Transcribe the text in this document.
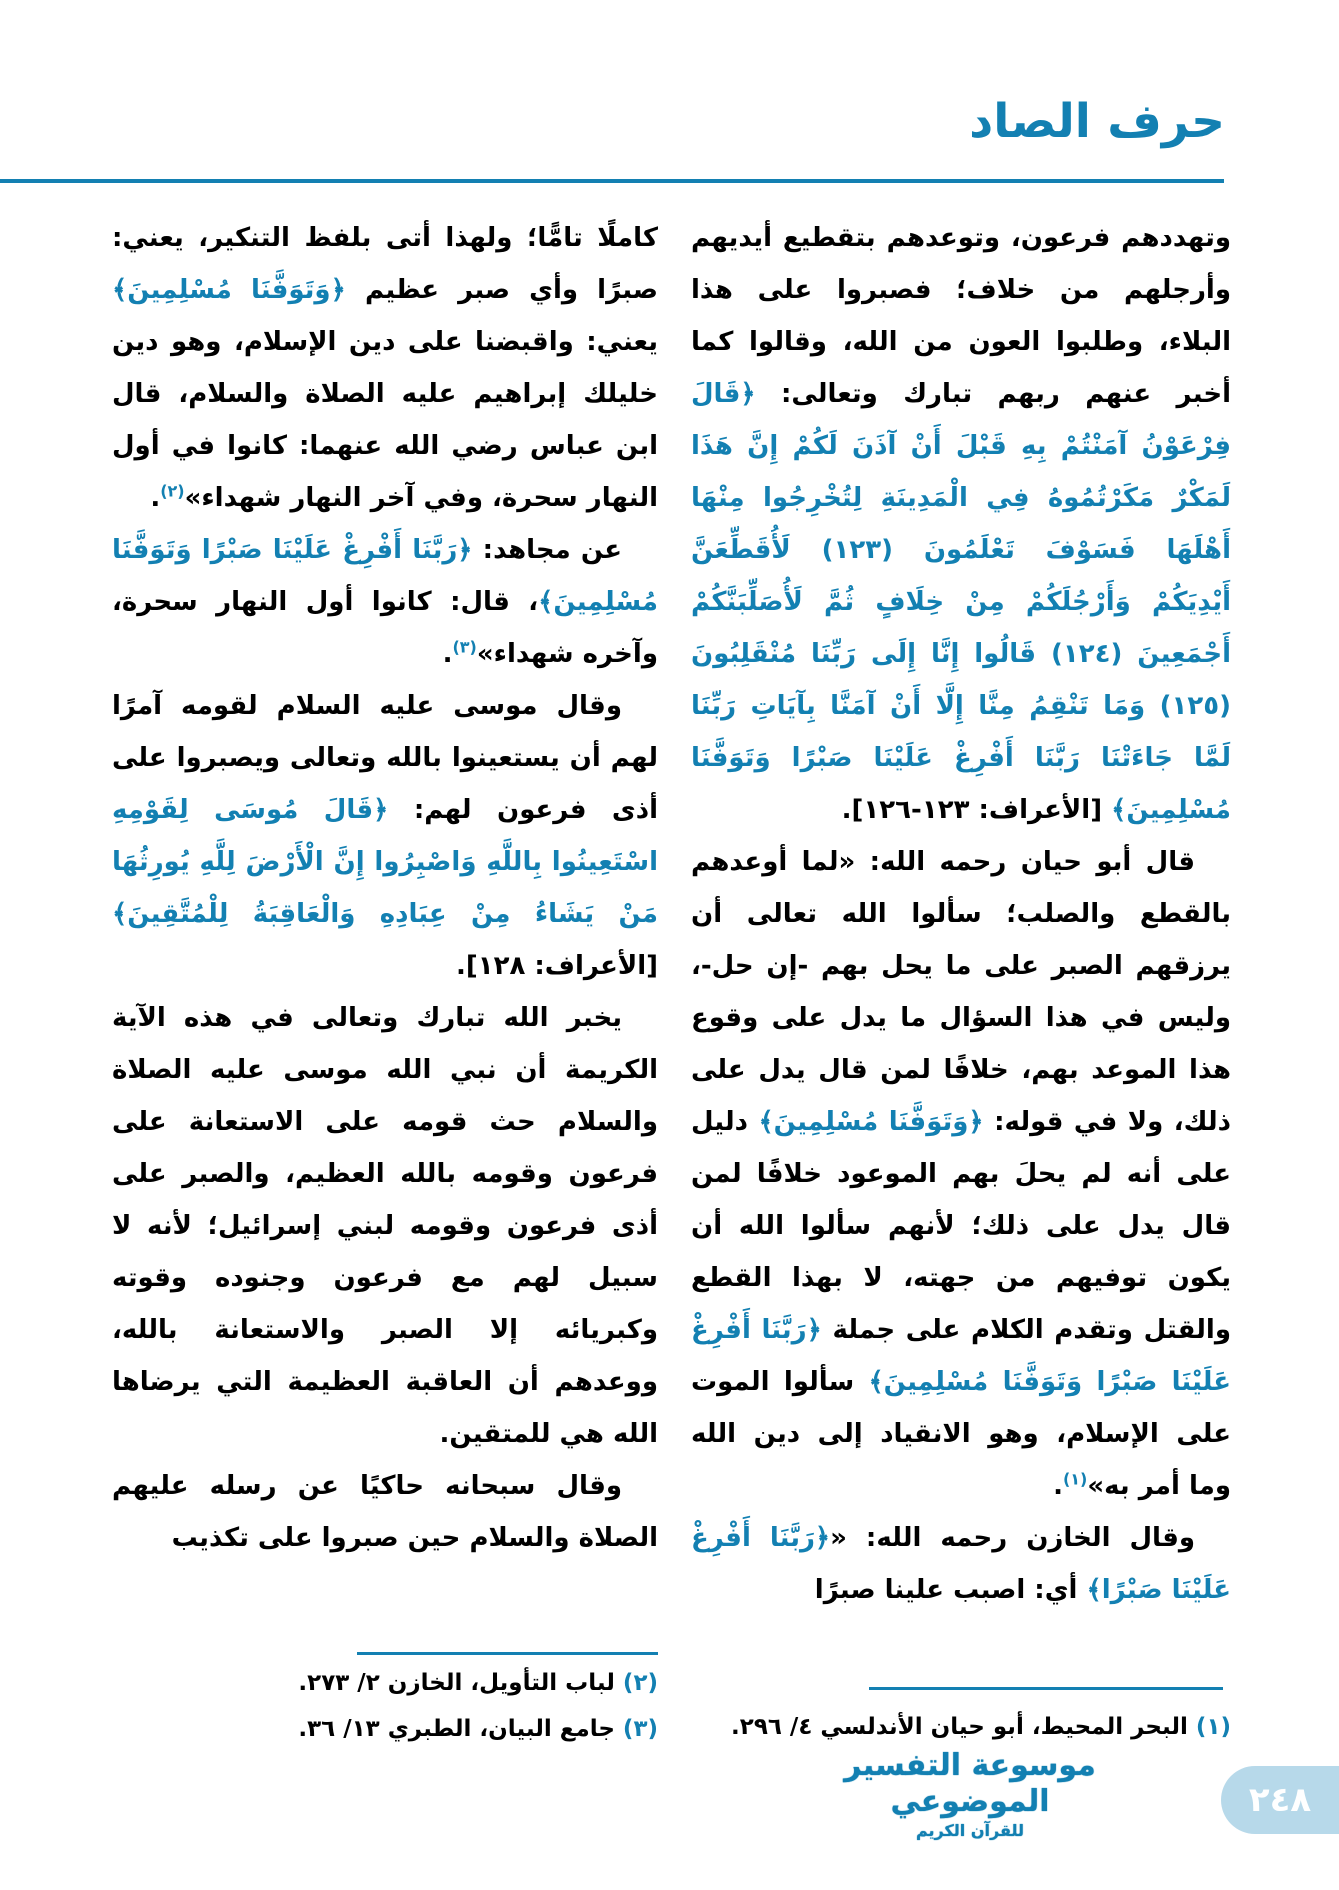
حرف الصاد

وتهددهم فرعون، وتوعدهم بتقطيع أيديهم وأرجلهم من خلاف؛ فصبروا على هذا البلاء، وطلبوا العون من الله، وقالوا كما أخبر عنهم ربهم تبارك وتعالى: ﴿قَالَ فِرْعَوْنُ آمَنْتُمْ بِهِ قَبْلَ أَنْ آذَنَ لَكُمْ إِنَّ هَذَا لَمَكْرٌ مَكَرْتُمُوهُ فِي الْمَدِينَةِ لِتُخْرِجُوا مِنْهَا أَهْلَهَا فَسَوْفَ تَعْلَمُونَ (١٢٣) لَأُقَطِّعَنَّ أَيْدِيَكُمْ وَأَرْجُلَكُمْ مِنْ خِلَافٍ ثُمَّ لَأُصَلِّبَنَّكُمْ أَجْمَعِينَ (١٢٤) قَالُوا إِنَّا إِلَى رَبِّنَا مُنْقَلِبُونَ (١٢٥) وَمَا تَنْقِمُ مِنَّا إِلَّا أَنْ آمَنَّا بِآيَاتِ رَبِّنَا لَمَّا جَاءَتْنَا رَبَّنَا أَفْرِغْ عَلَيْنَا صَبْرًا وَتَوَفَّنَا مُسْلِمِينَ﴾ [الأعراف: ١٢٣-١٢٦].

قال أبو حيان رحمه الله: «لما أوعدهم بالقطع والصلب؛ سألوا الله تعالى أن يرزقهم الصبر على ما يحل بهم -إن حل-، وليس في هذا السؤال ما يدل على وقوع هذا الموعد بهم، خلافًا لمن قال يدل على ذلك، ولا في قوله: ﴿وَتَوَفَّنَا مُسْلِمِينَ﴾ دليل على أنه لم يحلَ بهم الموعود خلافًا لمن قال يدل على ذلك؛ لأنهم سألوا الله أن يكون توفيهم من جهته، لا بهذا القطع والقتل وتقدم الكلام على جملة ﴿رَبَّنَا أَفْرِغْ عَلَيْنَا صَبْرًا وَتَوَفَّنَا مُسْلِمِينَ﴾ سألوا الموت على الإسلام، وهو الانقياد إلى دين الله وما أمر به»$^{(١)}$.

وقال الخازن رحمه الله: «﴿رَبَّنَا أَفْرِغْ عَلَيْنَا صَبْرًا﴾ أي: اصبب علينا صبرًا

كاملًا تامًّا؛ ولهذا أتى بلفظ التنكير، يعني: صبرًا وأي صبر عظيم ﴿وَتَوَفَّنَا مُسْلِمِينَ﴾ يعني: واقبضنا على دين الإسلام، وهو دين خليلك إبراهيم عليه الصلاة والسلام، قال ابن عباس رضي الله عنهما: كانوا في أول النهار سحرة، وفي آخر النهار شهداء»$^{(٢)}$.

عن مجاهد: ﴿رَبَّنَا أَفْرِغْ عَلَيْنَا صَبْرًا وَتَوَفَّنَا مُسْلِمِينَ﴾، قال: كانوا أول النهار سحرة، وآخره شهداء»$^{(٣)}$.

وقال موسى عليه السلام لقومه آمرًا لهم أن يستعينوا بالله وتعالى ويصبروا على أذى فرعون لهم: ﴿قَالَ مُوسَى لِقَوْمِهِ اسْتَعِينُوا بِاللَّهِ وَاصْبِرُوا إِنَّ الْأَرْضَ لِلَّهِ يُورِثُهَا مَنْ يَشَاءُ مِنْ عِبَادِهِ وَالْعَاقِبَةُ لِلْمُتَّقِينَ﴾ [الأعراف: ١٢٨].

يخبر الله تبارك وتعالى في هذه الآية الكريمة أن نبي الله موسى عليه الصلاة والسلام حث قومه على الاستعانة على فرعون وقومه بالله العظيم، والصبر على أذى فرعون وقومه لبني إسرائيل؛ لأنه لا سبيل لهم مع فرعون وجنوده وقوته وكبريائه إلا الصبر والاستعانة بالله، ووعدهم أن العاقبة العظيمة التي يرضاها الله هي للمتقين.

وقال سبحانه حاكيًا عن رسله عليهم الصلاة والسلام حين صبروا على تكذيب

(١) البحر المحيط، أبو حيان الأندلسي ٤/ ٢٩٦.
(٢) لباب التأويل، الخازن ٢/ ٢٧٣.
(٣) جامع البيان، الطبري ١٣/ ٣٦.
موسوعة التفسير الموضوعي
للقرآن الكريم
٢٤٨
